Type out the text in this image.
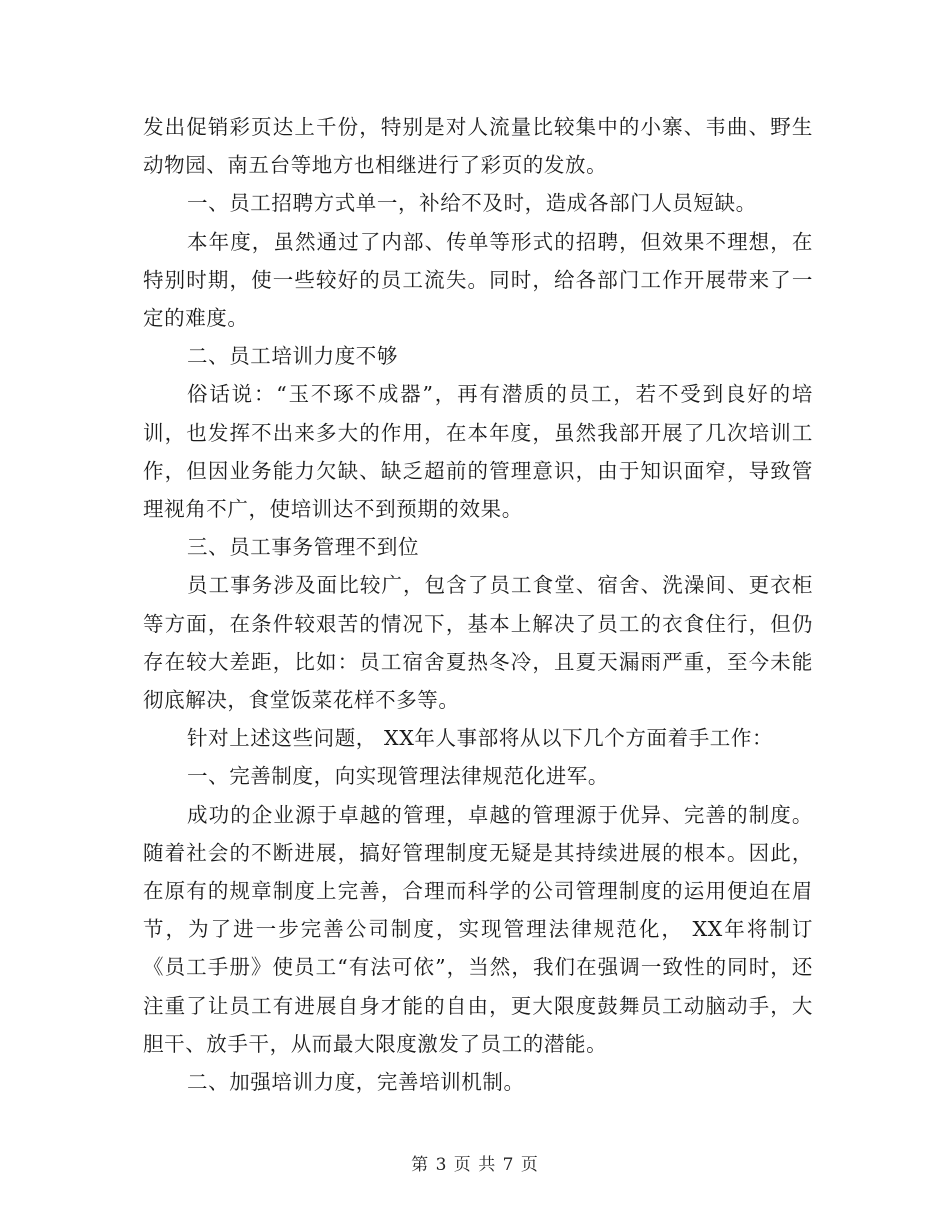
发出促销彩页达上千份，特别是对人流量比较集中的小寨、韦曲、野生动物园、南五台等地方也相继进行了彩页的发放。

一、员工招聘方式单一，补给不及时，造成各部门人员短缺。

本年度，虽然通过了内部、传单等形式的招聘，但效果不理想，在特别时期，使一些较好的员工流失。同时，给各部门工作开展带来了一定的难度。

二、员工培训力度不够

俗话说：“玉不琢不成器”，再有潜质的员工，若不受到良好的培训，也发挥不出来多大的作用，在本年度，虽然我部开展了几次培训工作，但因业务能力欠缺、缺乏超前的管理意识，由于知识面窄，导致管理视角不广，使培训达不到预期的效果。

三、员工事务管理不到位

员工事务涉及面比较广，包含了员工食堂、宿舍、洗澡间、更衣柜等方面，在条件较艰苦的情况下，基本上解决了员工的衣食住行，但仍存在较大差距，比如：员工宿舍夏热冬冷，且夏天漏雨严重，至今未能彻底解决，食堂饭菜花样不多等。

针对上述这些问题， XX年人事部将从以下几个方面着手工作：

一、完善制度，向实现管理法律规范化进军。

成功的企业源于卓越的管理，卓越的管理源于优异、完善的制度。随着社会的不断进展，搞好管理制度无疑是其持续进展的根本。因此，在原有的规章制度上完善，合理而科学的公司管理制度的运用便迫在眉节，为了进一步完善公司制度，实现管理法律规范化， XX年将制订《员工手册》使员工“有法可依”，当然，我们在强调一致性的同时，还注重了让员工有进展自身才能的自由，更大限度鼓舞员工动脑动手，大胆干、放手干，从而最大限度激发了员工的潜能。

二、加强培训力度，完善培训机制。

第 3 页 共 7 页
